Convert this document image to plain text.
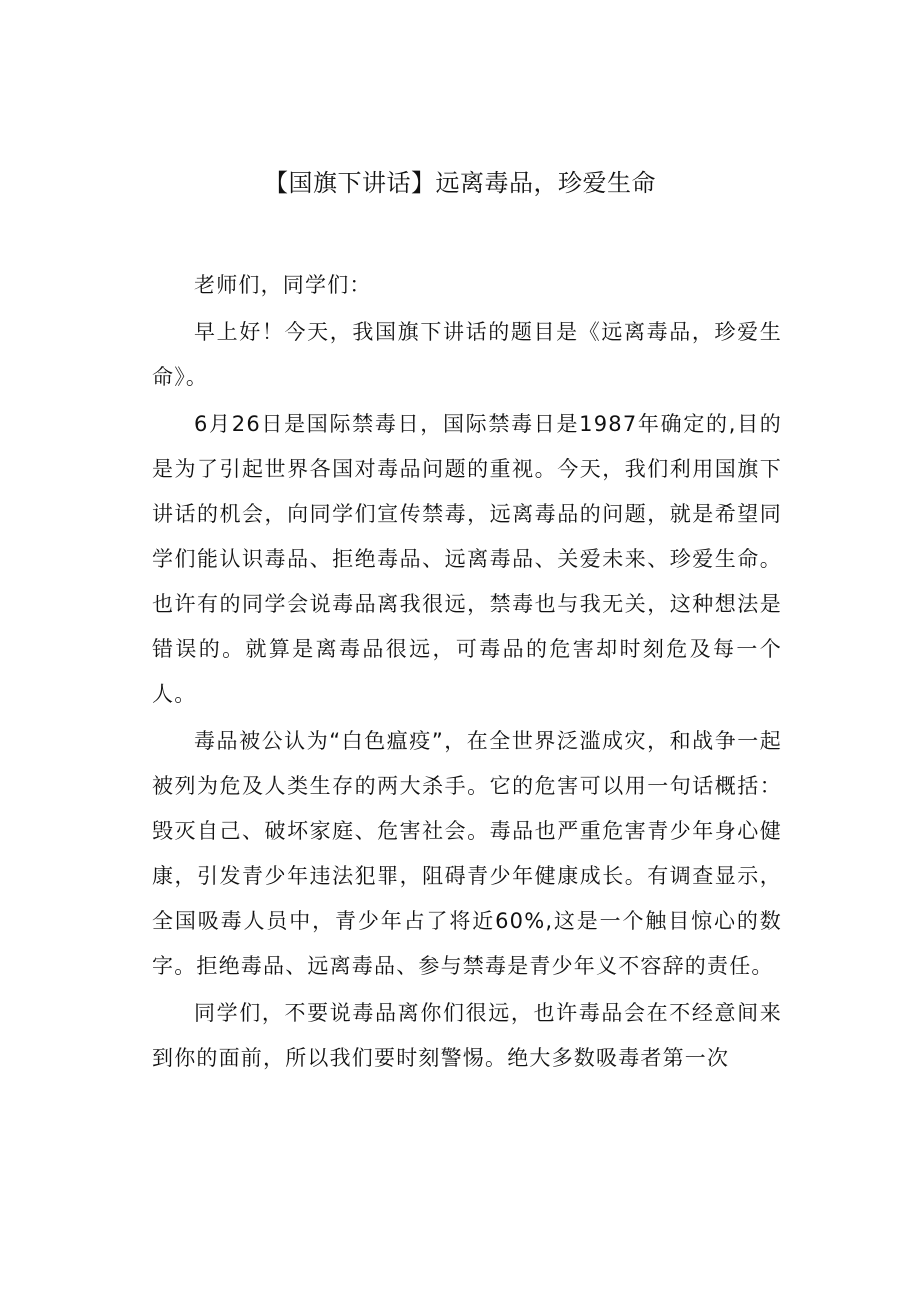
【国旗下讲话】远离毒品，珍爱生命

老师们，同学们：

早上好！今天，我国旗下讲话的题目是《远离毒品，珍爱生命》。

6月26日是国际禁毒日，国际禁毒日是1987年确定的,目的是为了引起世界各国对毒品问题的重视。今天，我们利用国旗下讲话的机会，向同学们宣传禁毒，远离毒品的问题，就是希望同学们能认识毒品、拒绝毒品、远离毒品、关爱未来、珍爱生命。也许有的同学会说毒品离我很远，禁毒也与我无关，这种想法是错误的。就算是离毒品很远，可毒品的危害却时刻危及每一个人。

毒品被公认为“白色瘟疫”，在全世界泛滥成灾，和战争一起被列为危及人类生存的两大杀手。它的危害可以用一句话概括：毁灭自己、破坏家庭、危害社会。毒品也严重危害青少年身心健康，引发青少年违法犯罪，阻碍青少年健康成长。有调查显示，全国吸毒人员中，青少年占了将近60%,这是一个触目惊心的数字。拒绝毒品、远离毒品、参与禁毒是青少年义不容辞的责任。

同学们，不要说毒品离你们很远，也许毒品会在不经意间来到你的面前，所以我们要时刻警惕。绝大多数吸毒者第一次
